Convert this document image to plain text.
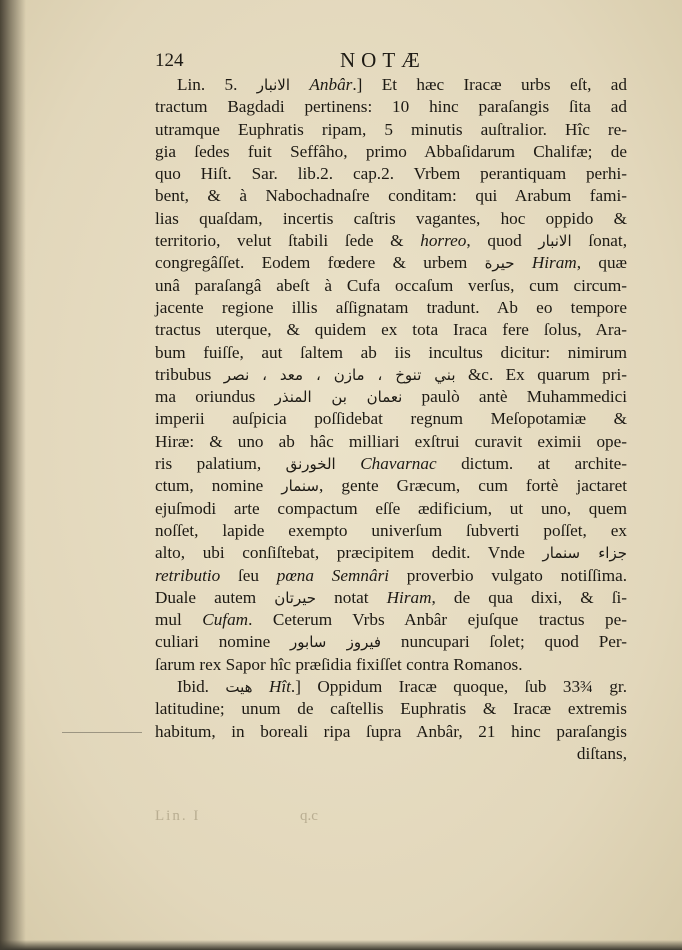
124	NOTÆ
Lin. 5. الانبار Anbâr.] Et hæc Iracæ urbs eſt, ad
tractum Bagdadi pertinens: 10 hinc paraſangis ſita ad
utramque Euphratis ripam, 5 minutis auſtralior. Hîc re-
gia ſedes fuit Seffâho, primo Abbaſidarum Chalifæ; de
quo Hiſt. Sar. lib.2. cap.2. Vrbem perantiquam perhi-
bent, & à Nabochadnaſre conditam: qui Arabum fami-
lias quaſdam, incertis caſtris vagantes, hoc oppido &
territorio, velut ſtabili ſede & horreo, quod الانبار ſonat,
congregâſſet. Eodem fœdere & urbem حيرة Hiram, quæ
unâ paraſangâ abeſt à Cufa occaſum verſus, cum circum-
jacente regione illis aſſignatam tradunt. Ab eo tempore
tractus uterque, & quidem ex tota Iraca fere ſolus, Ara-
bum fuiſſe, aut ſaltem ab iis incultus dicitur: nimirum
tribubus بني تنوخ ، مازن ، معد ، نصر &c. Ex quarum pri-
ma oriundus نعمان بن المنذر paulò antè Muhammedici
imperii auſpicia poſſidebat regnum Meſopotamiæ &
Hiræ: & uno ab hâc milliari exſtrui curavit eximii ope-
ris palatium, الخورنق Chavarnac dictum. at archite-
ctum, nomine سنمار, gente Græcum, cum fortè jactaret
ejuſmodi arte compactum eſſe ædificium, ut uno, quem
noſſet, lapide exempto univerſum ſubverti poſſet, ex
alto, ubi conſiſtebat, præcipitem dedit. Vnde جزاء سنمار
retributio ſeu pœna Semnâri proverbio vulgato notiſſima.
Duale autem حيرتان notat Hiram, de qua dixi, & ſi-
mul Cufam. Ceterum Vrbs Anbâr ejuſque tractus pe-
culiari nomine فيروز سابور nuncupari ſolet; quod Per-
ſarum rex Sapor hîc præſidia fixiſſet contra Romanos.
Ibid. هيت Hît.] Oppidum Iracæ quoque, ſub 33¾ gr.
latitudine; unum de caſtellis Euphratis & Iracæ extremis
habitum, in boreali ripa ſupra Anbâr, 21 hinc paraſangis
diſtans,
Lin. I	q.c
